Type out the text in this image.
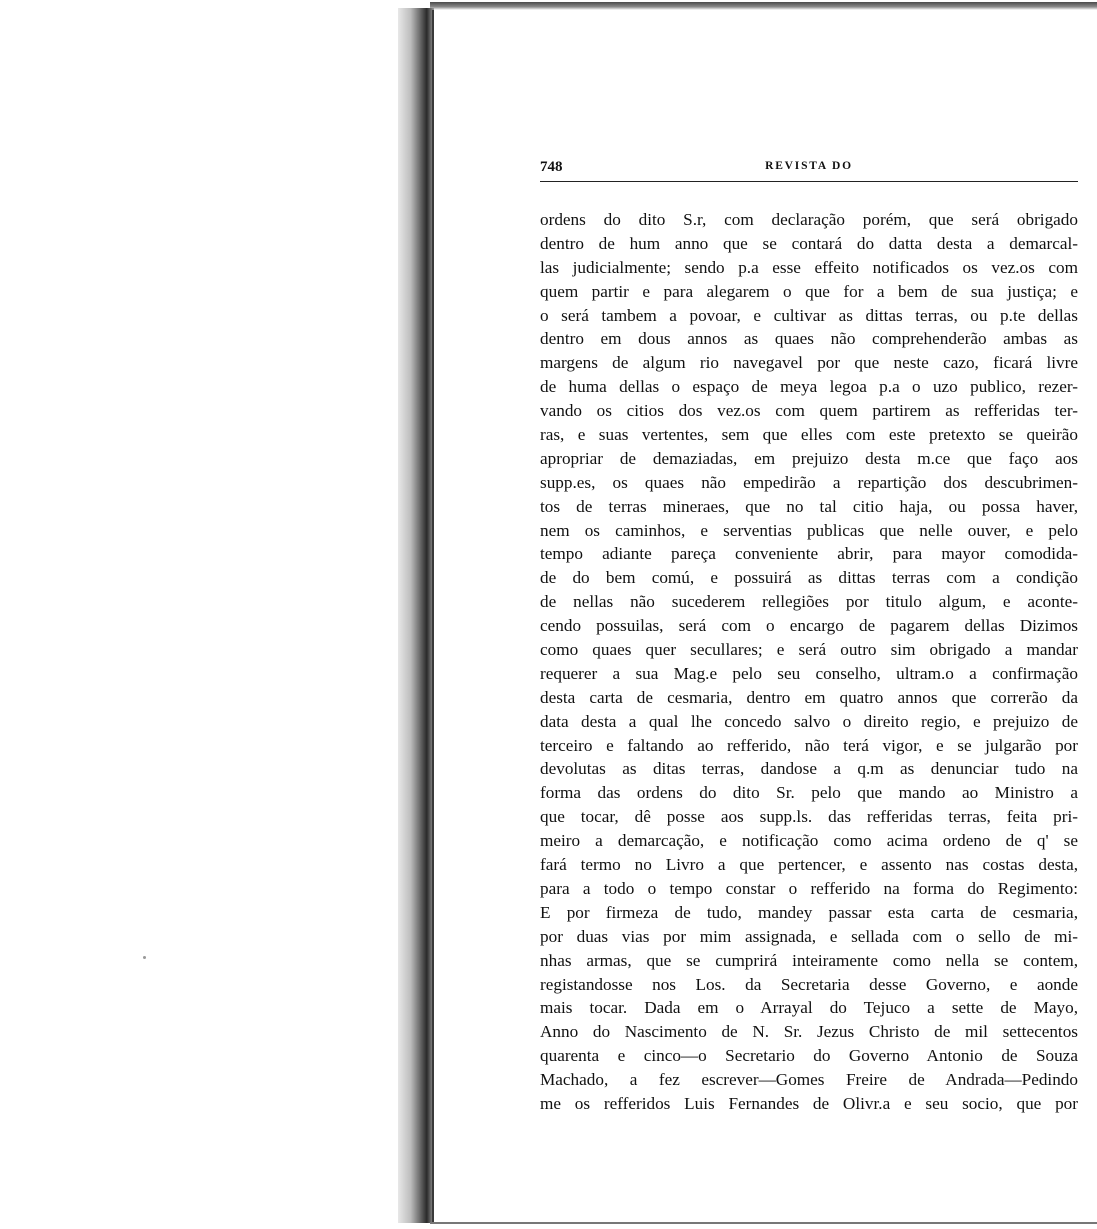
748	REVISTA DO
ordens do dito S.r, com declaração porém, que será obrigado
dentro de hum anno que se contará do datta desta a demarcal-
las judicialmente; sendo p.a esse effeito notificados os vez.os com
quem partir e para alegarem o que for a bem de sua justiça; e
o será tambem a povoar, e cultivar as dittas terras, ou p.te dellas
dentro em dous annos as quaes não comprehenderão ambas as
margens de algum rio navegavel por que neste cazo, ficará livre
de huma dellas o espaço de meya legoa p.a o uzo publico, rezer-
vando os citios dos vez.os com quem partirem as refferidas ter-
ras, e suas vertentes, sem que elles com este pretexto se queirão
apropriar de demaziadas, em prejuizo desta m.ce que faço aos
supp.es, os quaes não empedirão a repartição dos descubrimen-
tos de terras mineraes, que no tal citio haja, ou possa haver,
nem os caminhos, e serventias publicas que nelle ouver, e pelo
tempo adiante pareça conveniente abrir, para mayor comodida-
de do bem comú, e possuirá as dittas terras com a condição
de nellas não sucederem rellegiões por titulo algum, e aconte-
cendo possuilas, será com o encargo de pagarem dellas Dizimos
como quaes quer secullares; e será outro sim obrigado a mandar
requerer a sua Mag.e pelo seu conselho, ultram.o a confirmação
desta carta de cesmaria, dentro em quatro annos que correrão da
data desta a qual lhe concedo salvo o direito regio, e prejuizo de
terceiro e faltando ao refferido, não terá vigor, e se julgarão por
devolutas as ditas terras, dandose a q.m as denunciar tudo na
forma das ordens do dito Sr. pelo que mando ao Ministro a
que tocar, dê posse aos supp.ls. das refferidas terras, feita pri-
meiro a demarcação, e notificação como acima ordeno de q' se
fará termo no Livro a que pertencer, e assento nas costas desta,
para a todo o tempo constar o refferido na forma do Regimento:
E por firmeza de tudo, mandey passar esta carta de cesmaria,
por duas vias por mim assignada, e sellada com o sello de mi-
nhas armas, que se cumprirá inteiramente como nella se contem,
registandosse nos Los. da Secretaria desse Governo, e aonde
mais tocar. Dada em o Arrayal do Tejuco a sette de Mayo,
Anno do Nascimento de N. Sr. Jezus Christo de mil settecentos
quarenta e cinco—o Secretario do Governo Antonio de Souza
Machado, a fez escrever—Gomes Freire de Andrada—Pedindo
me os refferidos Luis Fernandes de Olivr.a e seu socio, que por
